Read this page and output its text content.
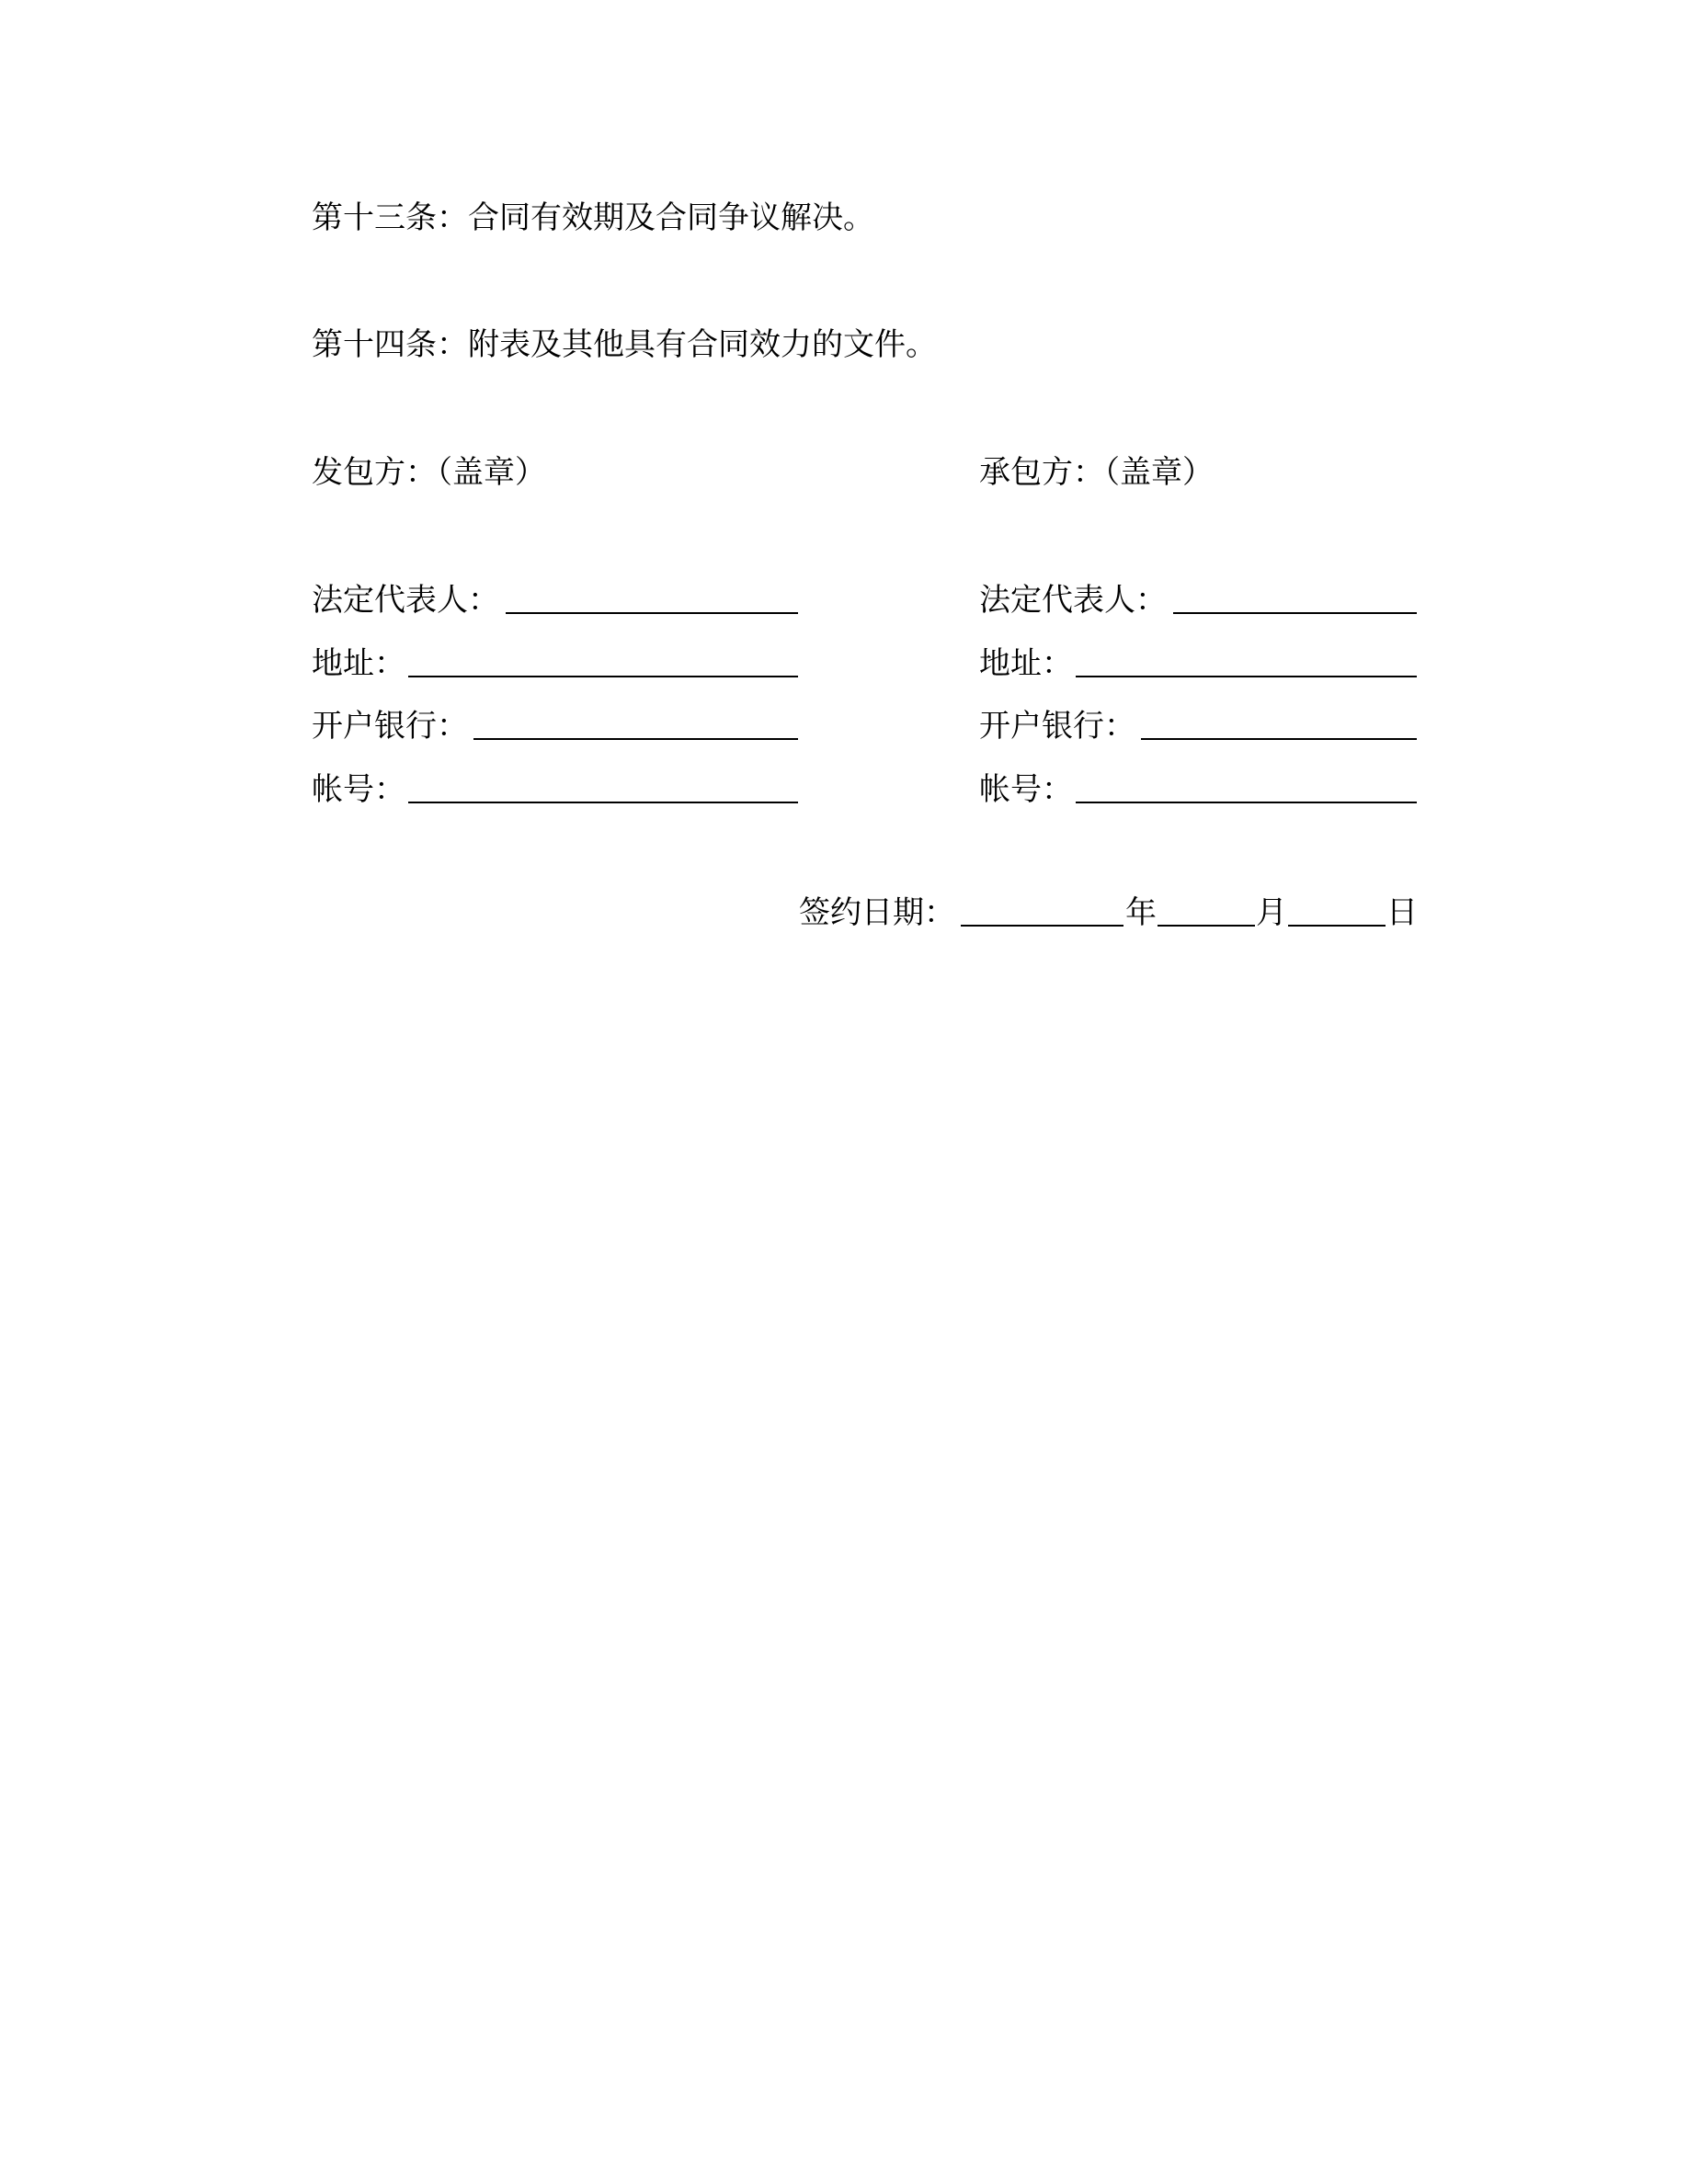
第十三条：合同有效期及合同争议解决。
第十四条：附表及其他具有合同效力的文件。
发包方：（盖章）
法定代表人：
地址：
开户银行：
帐号：
承包方：（盖章）
法定代表人：
地址：
开户银行：
帐号：
签约日期：	年	月	日
